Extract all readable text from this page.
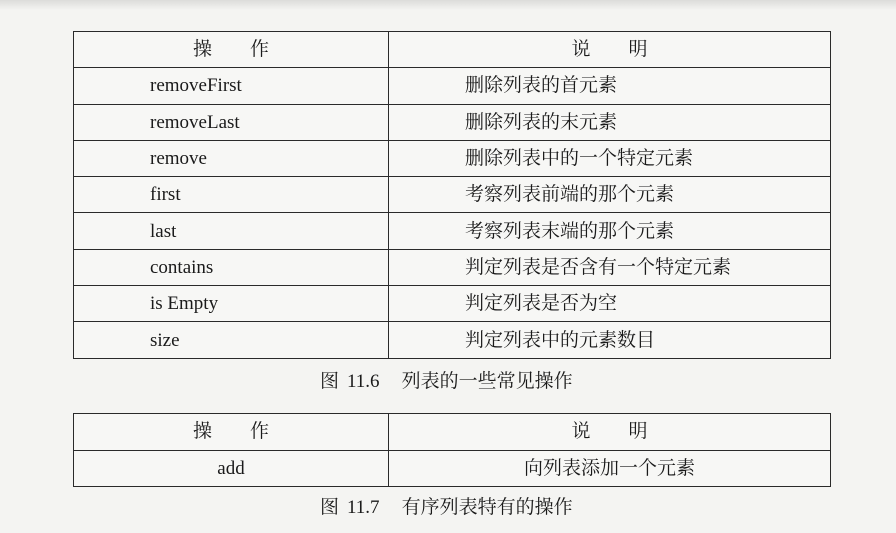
操　　作	说　　明
removeFirst	删除列表的首元素
removeLast	删除列表的末元素
remove	删除列表中的一个特定元素
first	考察列表前端的那个元素
last	考察列表末端的那个元素
contains	判定列表是否含有一个特定元素
is Empty	判定列表是否为空
size	判定列表中的元素数目
图 11.6 列表的一些常见操作
操　　作	说　　明
add	向列表添加一个元素
图 11.7 有序列表特有的操作
